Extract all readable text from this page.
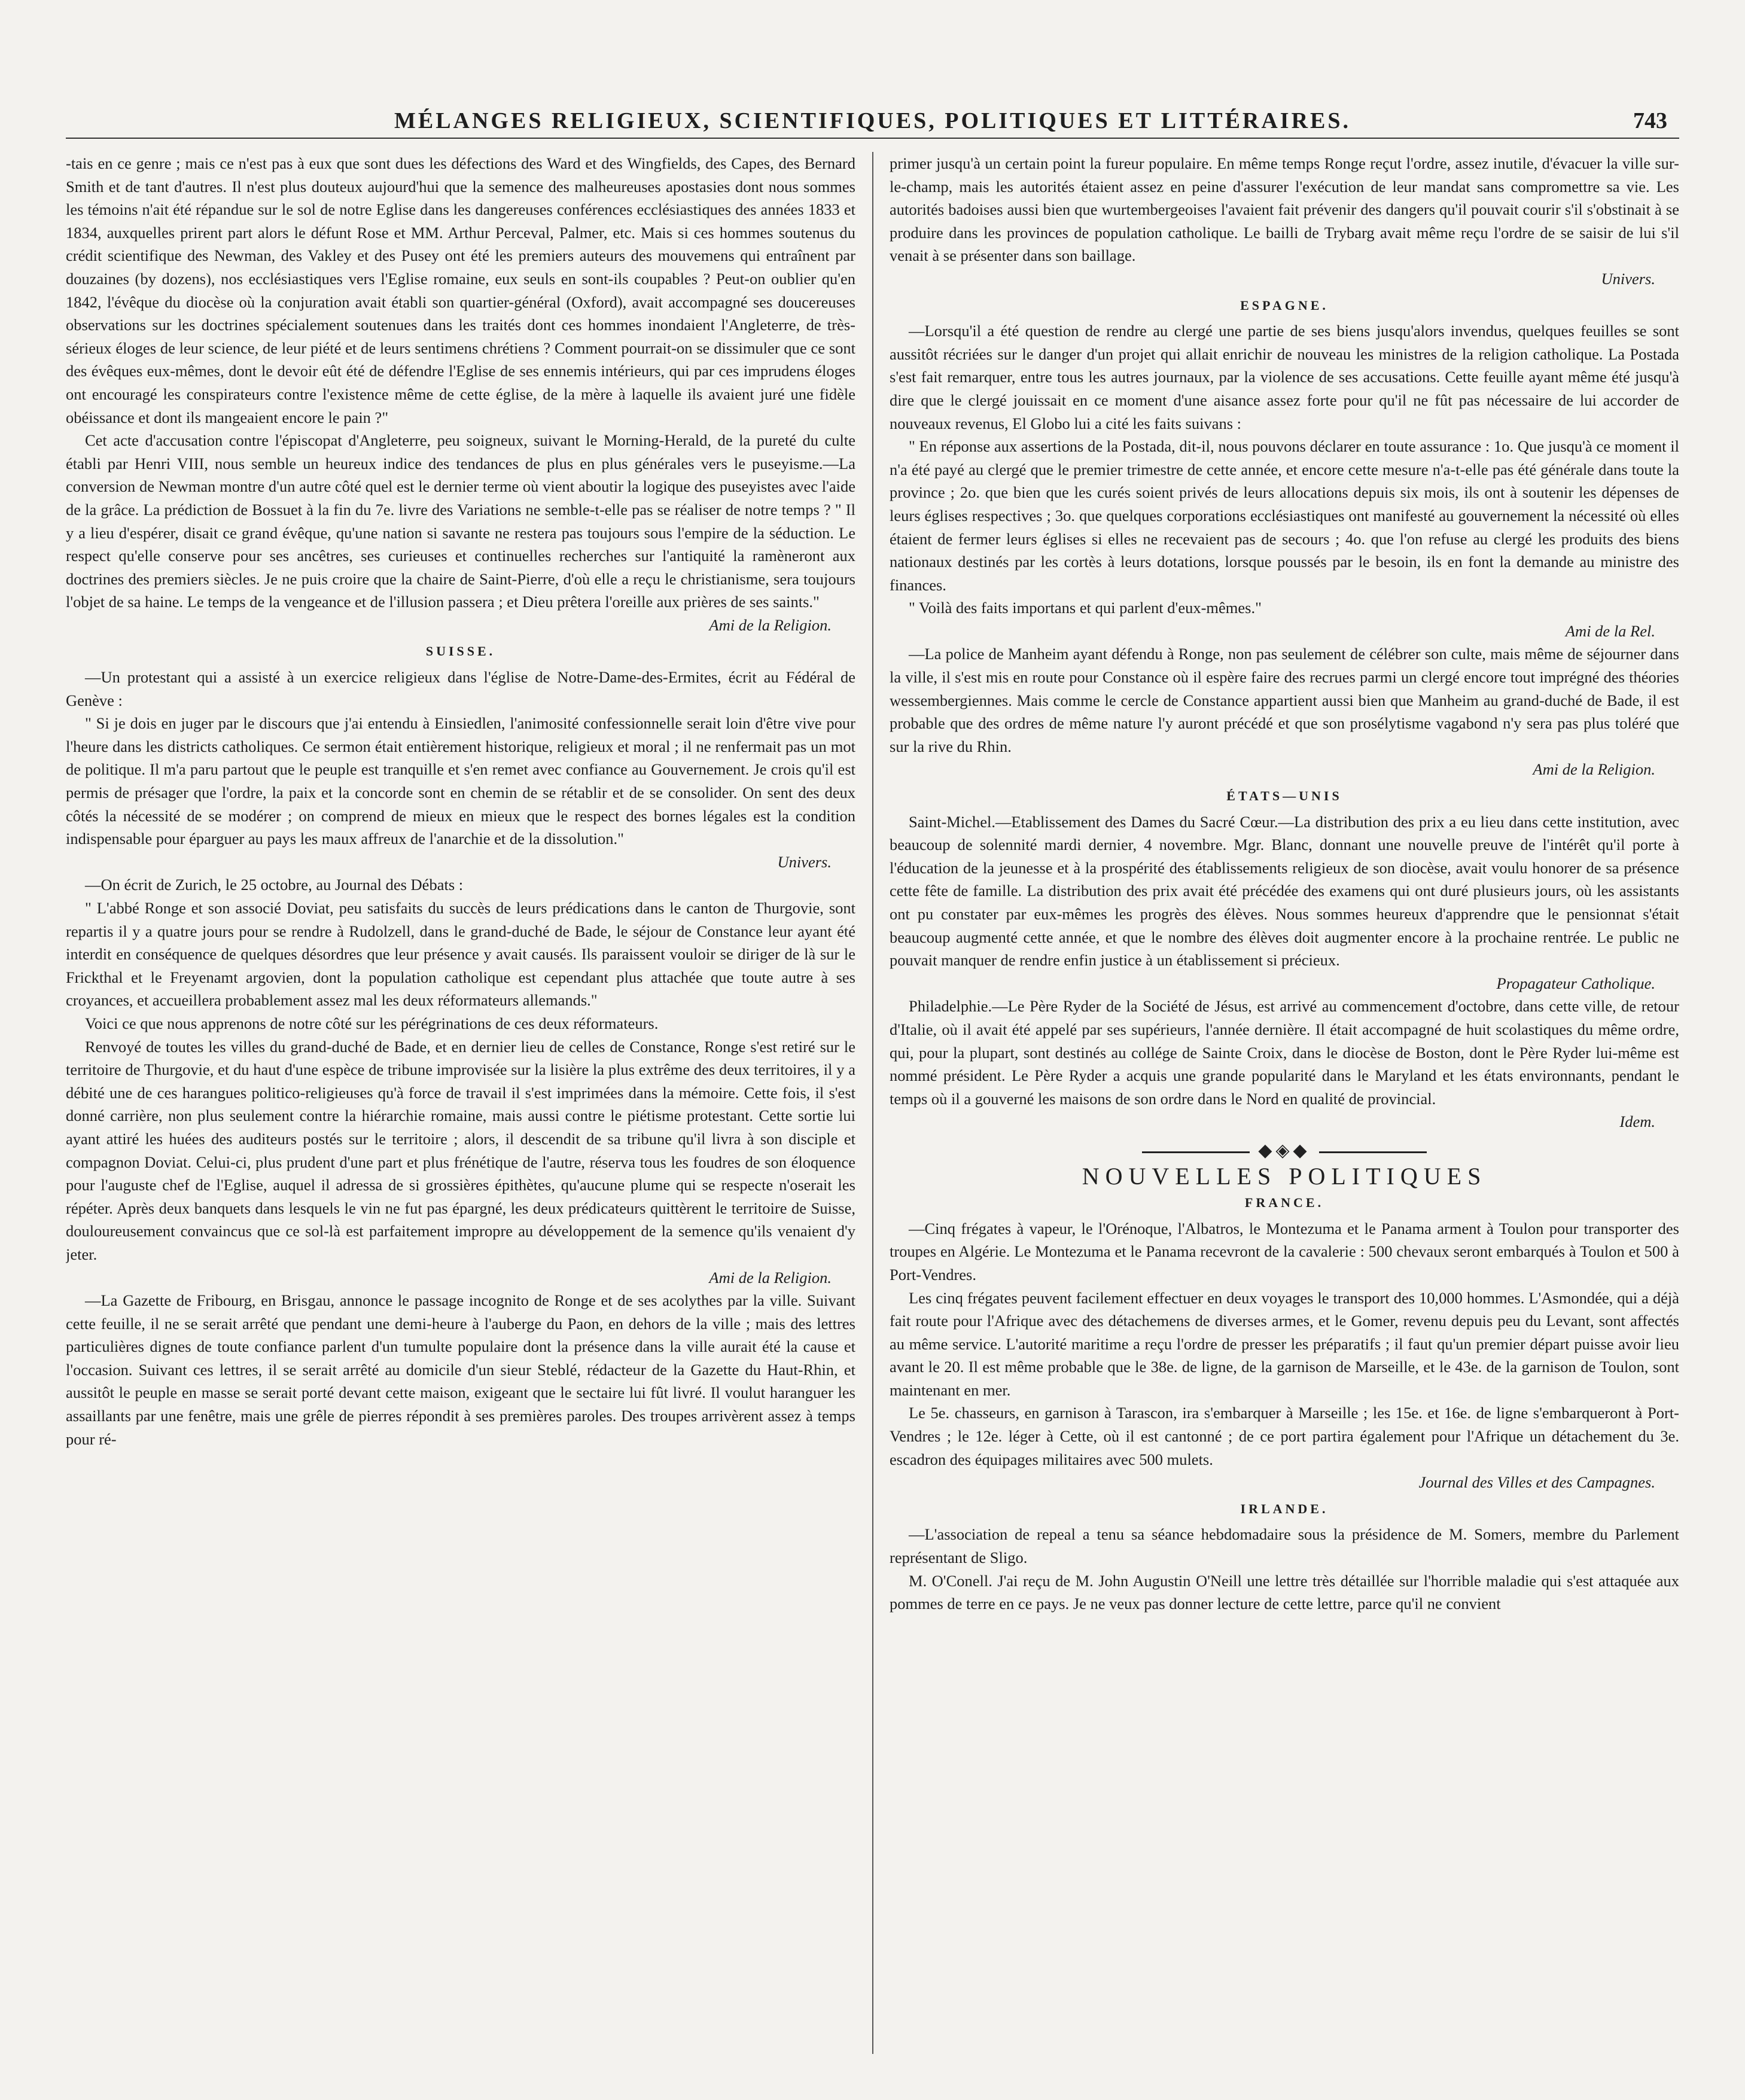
MÉLANGES RELIGIEUX, SCIENTIFIQUES, POLITIQUES ET LITTÉRAIRES.	743

-tais en ce genre ; mais ce n'est pas à eux que sont dues les défections des Ward et des Wingfields, des Capes, des Bernard Smith et de tant d'autres. Il n'est plus douteux aujourd'hui que la semence des malheureuses apostasies dont nous sommes les témoins n'ait été répandue sur le sol de notre Eglise dans les dangereuses conférences ecclésiastiques des années 1833 et 1834, auxquelles prirent part alors le défunt Rose et MM. Arthur Perceval, Palmer, etc. Mais si ces hommes soutenus du crédit scientifique des Newman, des Vakley et des Pusey ont été les premiers auteurs des mouvemens qui entraînent par douzaines (by dozens), nos ecclésiastiques vers l'Eglise romaine, eux seuls en sont-ils coupables ? Peut-on oublier qu'en 1842, l'évêque du diocèse où la conjuration avait établi son quartier-général (Oxford), avait accompagné ses doucereuses observations sur les doctrines spécialement soutenues dans les traités dont ces hommes inondaient l'Angleterre, de très-sérieux éloges de leur science, de leur piété et de leurs sentimens chrétiens ? Comment pourrait-on se dissimuler que ce sont des évêques eux-mêmes, dont le devoir eût été de défendre l'Eglise de ses ennemis intérieurs, qui par ces imprudens éloges ont encouragé les conspirateurs contre l'existence même de cette église, de la mère à laquelle ils avaient juré une fidèle obéissance et dont ils mangeaient encore le pain ?"

Cet acte d'accusation contre l'épiscopat d'Angleterre, peu soigneux, suivant le Morning-Herald, de la pureté du culte établi par Henri VIII, nous semble un heureux indice des tendances de plus en plus générales vers le puseyisme.—La conversion de Newman montre d'un autre côté quel est le dernier terme où vient aboutir la logique des puseyistes avec l'aide de la grâce. La prédiction de Bossuet à la fin du 7e. livre des Variations ne semble-t-elle pas se réaliser de notre temps ? " Il y a lieu d'espérer, disait ce grand évêque, qu'une nation si savante ne restera pas toujours sous l'empire de la séduction. Le respect qu'elle conserve pour ses ancêtres, ses curieuses et continuelles recherches sur l'antiquité la ramèneront aux doctrines des premiers siècles. Je ne puis croire que la chaire de Saint-Pierre, d'où elle a reçu le christianisme, sera toujours l'objet de sa haine. Le temps de la vengeance et de l'illusion passera ; et Dieu prêtera l'oreille aux prières de ses saints."

Ami de la Religion.
SUISSE.

—Un protestant qui a assisté à un exercice religieux dans l'église de Notre-Dame-des-Ermites, écrit au Fédéral de Genève :

" Si je dois en juger par le discours que j'ai entendu à Einsiedlen, l'animosité confessionnelle serait loin d'être vive pour l'heure dans les districts catholiques. Ce sermon était entièrement historique, religieux et moral ; il ne renfermait pas un mot de politique. Il m'a paru partout que le peuple est tranquille et s'en remet avec confiance au Gouvernement. Je crois qu'il est permis de présager que l'ordre, la paix et la concorde sont en chemin de se rétablir et de se consolider. On sent des deux côtés la nécessité de se modérer ; on comprend de mieux en mieux que le respect des bornes légales est la condition indispensable pour éparguer au pays les maux affreux de l'anarchie et de la dissolution."

Univers.

—On écrit de Zurich, le 25 octobre, au Journal des Débats :

" L'abbé Ronge et son associé Doviat, peu satisfaits du succès de leurs prédications dans le canton de Thurgovie, sont repartis il y a quatre jours pour se rendre à Rudolzell, dans le grand-duché de Bade, le séjour de Constance leur ayant été interdit en conséquence de quelques désordres que leur présence y avait causés. Ils paraissent vouloir se diriger de là sur le Frickthal et le Freyenamt argovien, dont la population catholique est cependant plus attachée que toute autre à ses croyances, et accueillera probablement assez mal les deux réformateurs allemands."

Voici ce que nous apprenons de notre côté sur les pérégrinations de ces deux réformateurs.

Renvoyé de toutes les villes du grand-duché de Bade, et en dernier lieu de celles de Constance, Ronge s'est retiré sur le territoire de Thurgovie, et du haut d'une espèce de tribune improvisée sur la lisière la plus extrême des deux territoires, il y a débité une de ces harangues politico-religieuses qu'à force de travail il s'est imprimées dans la mémoire. Cette fois, il s'est donné carrière, non plus seulement contre la hiérarchie romaine, mais aussi contre le piétisme protestant. Cette sortie lui ayant attiré les huées des auditeurs postés sur le territoire ; alors, il descendit de sa tribune qu'il livra à son disciple et compagnon Doviat. Celui-ci, plus prudent d'une part et plus frénétique de l'autre, réserva tous les foudres de son éloquence pour l'auguste chef de l'Eglise, auquel il adressa de si grossières épithètes, qu'aucune plume qui se respecte n'oserait les répéter. Après deux banquets dans lesquels le vin ne fut pas épargné, les deux prédicateurs quittèrent le territoire de Suisse, douloureusement convaincus que ce sol-là est parfaitement impropre au développement de la semence qu'ils venaient d'y jeter.

Ami de la Religion.

—La Gazette de Fribourg, en Brisgau, annonce le passage incognito de Ronge et de ses acolythes par la ville. Suivant cette feuille, il ne se serait arrêté que pendant une demi-heure à l'auberge du Paon, en dehors de la ville ; mais des lettres particulières dignes de toute confiance parlent d'un tumulte populaire dont la présence dans la ville aurait été la cause et l'occasion. Suivant ces lettres, il se serait arrêté au domicile d'un sieur Steblé, rédacteur de la Gazette du Haut-Rhin, et aussitôt le peuple en masse se serait porté devant cette maison, exigeant que le sectaire lui fût livré. Il voulut haranguer les assaillants par une fenêtre, mais une grêle de pierres répondit à ses premières paroles. Des troupes arrivèrent assez à temps pour ré-

primer jusqu'à un certain point la fureur populaire. En même temps Ronge reçut l'ordre, assez inutile, d'évacuer la ville sur-le-champ, mais les autorités étaient assez en peine d'assurer l'exécution de leur mandat sans compromettre sa vie. Les autorités badoises aussi bien que wurtembergeoises l'avaient fait prévenir des dangers qu'il pouvait courir s'il s'obstinait à se produire dans les provinces de population catholique. Le bailli de Trybarg avait même reçu l'ordre de se saisir de lui s'il venait à se présenter dans son baillage.

Univers.
ESPAGNE.

—Lorsqu'il a été question de rendre au clergé une partie de ses biens jusqu'alors invendus, quelques feuilles se sont aussitôt récriées sur le danger d'un projet qui allait enrichir de nouveau les ministres de la religion catholique. La Postada s'est fait remarquer, entre tous les autres journaux, par la violence de ses accusations. Cette feuille ayant même été jusqu'à dire que le clergé jouissait en ce moment d'une aisance assez forte pour qu'il ne fût pas nécessaire de lui accorder de nouveaux revenus, El Globo lui a cité les faits suivans :

" En réponse aux assertions de la Postada, dit-il, nous pouvons déclarer en toute assurance : 1o. Que jusqu'à ce moment il n'a été payé au clergé que le premier trimestre de cette année, et encore cette mesure n'a-t-elle pas été générale dans toute la province ; 2o. que bien que les curés soient privés de leurs allocations depuis six mois, ils ont à soutenir les dépenses de leurs églises respectives ; 3o. que quelques corporations ecclésiastiques ont manifesté au gouvernement la nécessité où elles étaient de fermer leurs églises si elles ne recevaient pas de secours ; 4o. que l'on refuse au clergé les produits des biens nationaux destinés par les cortès à leurs dotations, lorsque poussés par le besoin, ils en font la demande au ministre des finances.

" Voilà des faits importans et qui parlent d'eux-mêmes."

Ami de la Rel.

—La police de Manheim ayant défendu à Ronge, non pas seulement de célébrer son culte, mais même de séjourner dans la ville, il s'est mis en route pour Constance où il espère faire des recrues parmi un clergé encore tout imprégné des théories wessembergiennes. Mais comme le cercle de Constance appartient aussi bien que Manheim au grand-duché de Bade, il est probable que des ordres de même nature l'y auront précédé et que son prosélytisme vagabond n'y sera pas plus toléré que sur la rive du Rhin.

Ami de la Religion.
ÉTATS—UNIS

Saint-Michel.—Etablissement des Dames du Sacré Cœur.—La distribution des prix a eu lieu dans cette institution, avec beaucoup de solennité mardi dernier, 4 novembre. Mgr. Blanc, donnant une nouvelle preuve de l'intérêt qu'il porte à l'éducation de la jeunesse et à la prospérité des établissements religieux de son diocèse, avait voulu honorer de sa présence cette fête de famille. La distribution des prix avait été précédée des examens qui ont duré plusieurs jours, où les assistants ont pu constater par eux-mêmes les progrès des élèves. Nous sommes heureux d'apprendre que le pensionnat s'était beaucoup augmenté cette année, et que le nombre des élèves doit augmenter encore à la prochaine rentrée. Le public ne pouvait manquer de rendre enfin justice à un établissement si précieux.

Propagateur Catholique.

Philadelphie.—Le Père Ryder de la Société de Jésus, est arrivé au commencement d'octobre, dans cette ville, de retour d'Italie, où il avait été appelé par ses supérieurs, l'année dernière. Il était accompagné de huit scolastiques du même ordre, qui, pour la plupart, sont destinés au collége de Sainte Croix, dans le diocèse de Boston, dont le Père Ryder lui-même est nommé président. Le Père Ryder a acquis une grande popularité dans le Maryland et les états environnants, pendant le temps où il a gouverné les maisons de son ordre dans le Nord en qualité de provincial.

Idem.
◆◈◆
NOUVELLES POLITIQUES
FRANCE.

—Cinq frégates à vapeur, le l'Orénoque, l'Albatros, le Montezuma et le Panama arment à Toulon pour transporter des troupes en Algérie. Le Montezuma et le Panama recevront de la cavalerie : 500 chevaux seront embarqués à Toulon et 500 à Port-Vendres.

Les cinq frégates peuvent facilement effectuer en deux voyages le transport des 10,000 hommes. L'Asmondée, qui a déjà fait route pour l'Afrique avec des détachemens de diverses armes, et le Gomer, revenu depuis peu du Levant, sont affectés au même service. L'autorité maritime a reçu l'ordre de presser les préparatifs ; il faut qu'un premier départ puisse avoir lieu avant le 20. Il est même probable que le 38e. de ligne, de la garnison de Marseille, et le 43e. de la garnison de Toulon, sont maintenant en mer.

Le 5e. chasseurs, en garnison à Tarascon, ira s'embarquer à Marseille ; les 15e. et 16e. de ligne s'embarqueront à Port-Vendres ; le 12e. léger à Cette, où il est cantonné ; de ce port partira également pour l'Afrique un détachement du 3e. escadron des équipages militaires avec 500 mulets.

Journal des Villes et des Campagnes.
IRLANDE.

—L'association de repeal a tenu sa séance hebdomadaire sous la présidence de M. Somers, membre du Parlement représentant de Sligo.

M. O'Conell. J'ai reçu de M. John Augustin O'Neill une lettre très détaillée sur l'horrible maladie qui s'est attaquée aux pommes de terre en ce pays. Je ne veux pas donner lecture de cette lettre, parce qu'il ne convient
